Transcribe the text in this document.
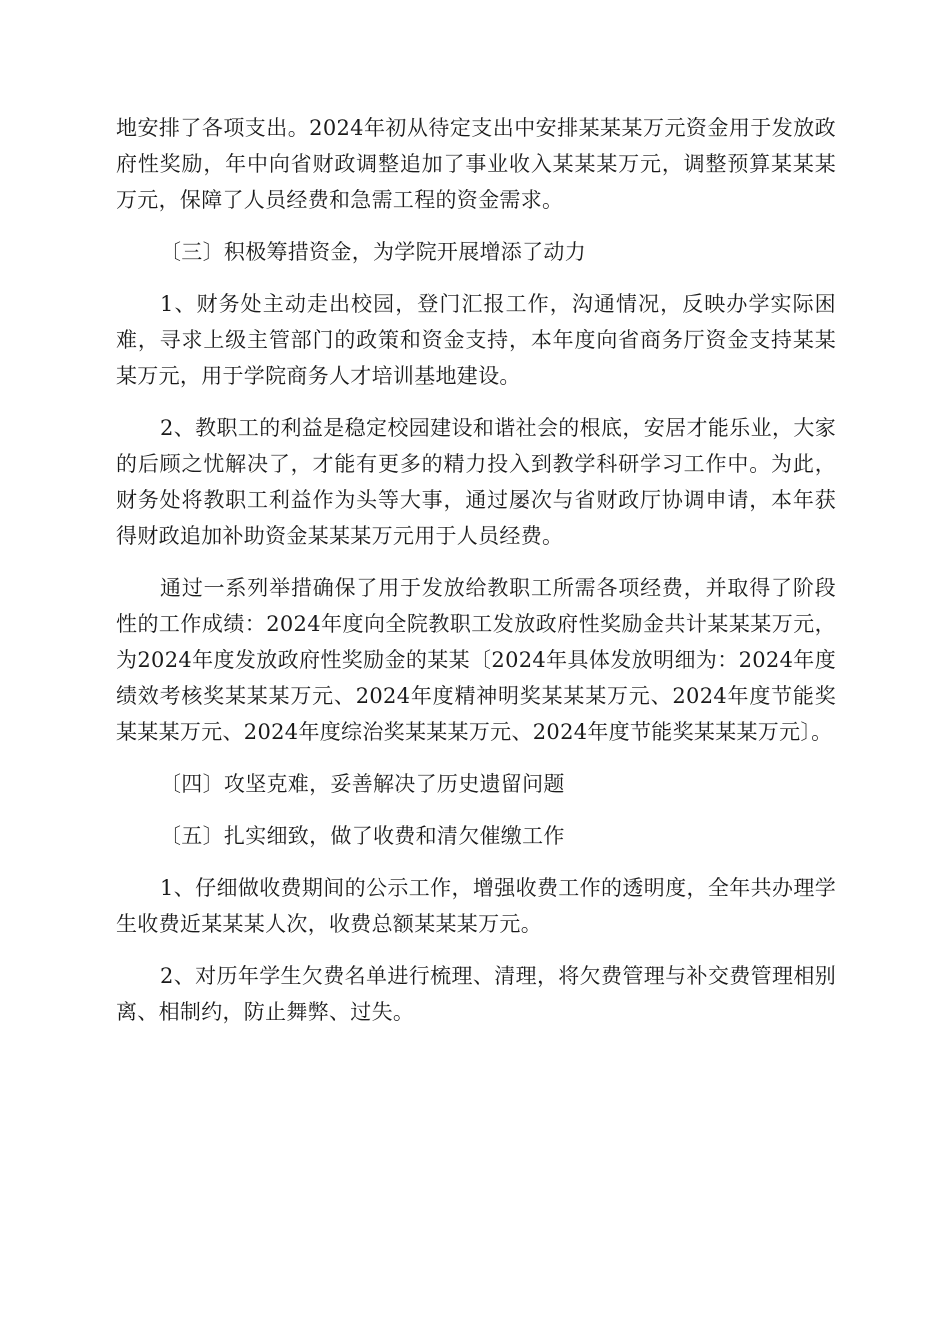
地安排了各项支出。2024年初从待定支出中安排某某某万元资金用于发放政府性奖励，年中向省财政调整追加了事业收入某某某万元，调整预算某某某万元，保障了人员经费和急需工程的资金需求。

〔三〕积极筹措资金，为学院开展增添了动力

1、财务处主动走出校园，登门汇报工作，沟通情况，反映办学实际困难，寻求上级主管部门的政策和资金支持，本年度向省商务厅资金支持某某某万元，用于学院商务人才培训基地建设。

2、教职工的利益是稳定校园建设和谐社会的根底，安居才能乐业，大家的后顾之忧解决了，才能有更多的精力投入到教学科研学习工作中。为此，财务处将教职工利益作为头等大事，通过屡次与省财政厅协调申请，本年获得财政追加补助资金某某某万元用于人员经费。

通过一系列举措确保了用于发放给教职工所需各项经费，并取得了阶段性的工作成绩：2024年度向全院教职工发放政府性奖励金共计某某某万元，为2024年度发放政府性奖励金的某某〔2024年具体发放明细为：2024年度绩效考核奖某某某万元、2024年度精神明奖某某某万元、2024年度节能奖某某某万元、2024年度综治奖某某某万元、2024年度节能奖某某某万元〕。

〔四〕攻坚克难，妥善解决了历史遗留问题

〔五〕扎实细致，做了收费和清欠催缴工作

1、仔细做收费期间的公示工作，增强收费工作的透明度，全年共办理学生收费近某某某人次，收费总额某某某万元。

2、对历年学生欠费名单进行梳理、清理，将欠费管理与补交费管理相别离、相制约，防止舞弊、过失。
